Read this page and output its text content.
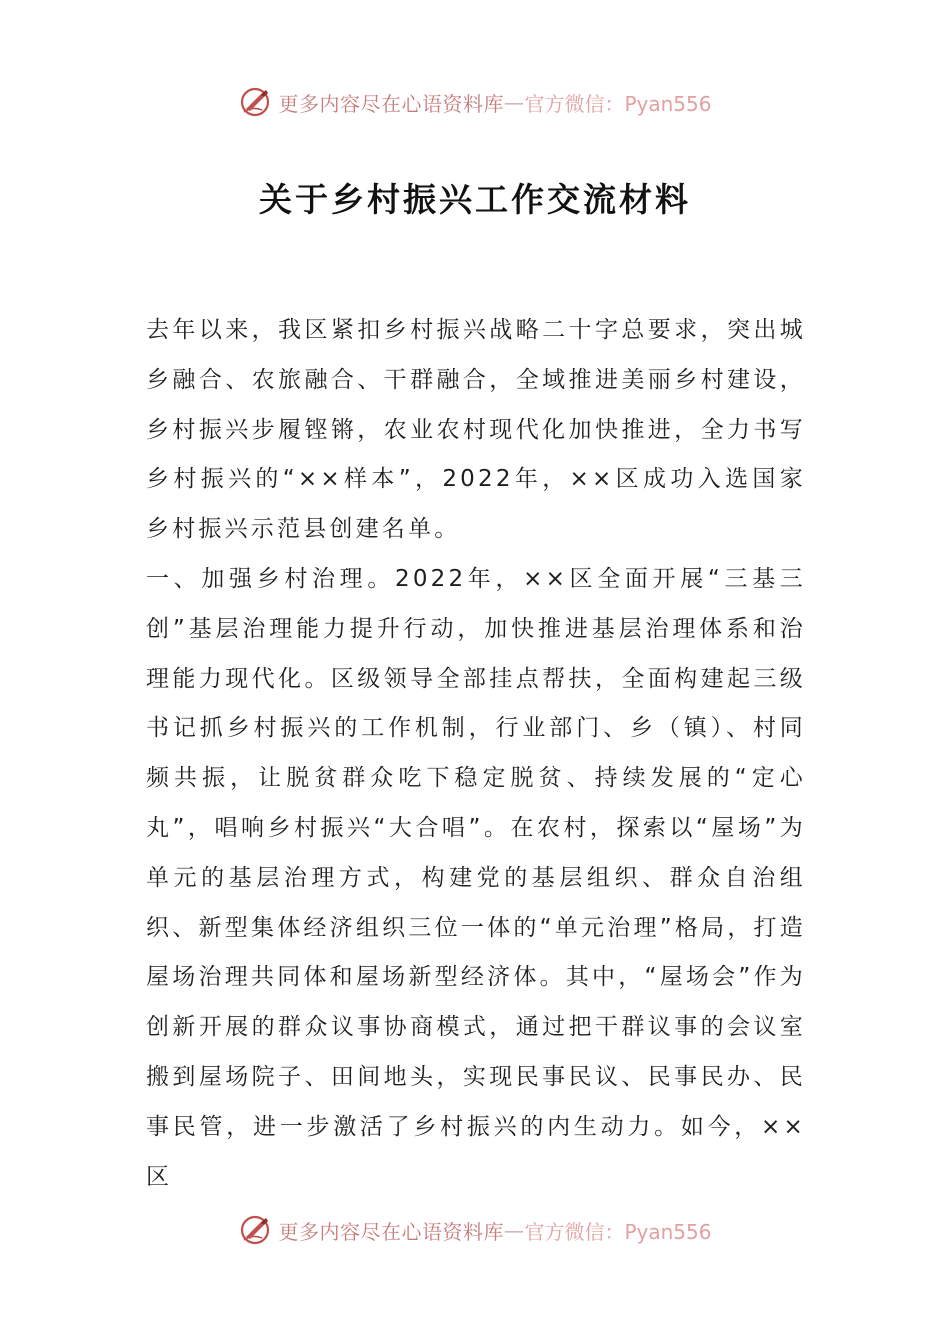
更多内容尽在心语资料库 — 官方微信：Pyan556
关于乡村振兴工作交流材料

去年以来，我区紧扣乡村振兴战略二十字总要求，突出城乡融合、农旅融合、干群融合，全域推进美丽乡村建设，乡村振兴步履铿锵，农业农村现代化加快推进，全力书写乡村振兴的“××样本”，2022年，××区成功入选国家乡村振兴示范县创建名单。

一、加强乡村治理。2022年，××区全面开展“三基三创”基层治理能力提升行动，加快推进基层治理体系和治理能力现代化。区级领导全部挂点帮扶，全面构建起三级书记抓乡村振兴的工作机制，行业部门、乡（镇）、村同频共振，让脱贫群众吃下稳定脱贫、持续发展的“定心丸”，唱响乡村振兴“大合唱”。在农村，探索以“屋场”为单元的基层治理方式，构建党的基层组织、群众自治组织、新型集体经济组织三位一体的“单元治理”格局，打造屋场治理共同体和屋场新型经济体。其中，“屋场会”作为创新开展的群众议事协商模式，通过把干群议事的会议室搬到屋场院子、田间地头，实现民事民议、民事民办、民事民管，进一步激活了乡村振兴的内生动力。如今，××区

更多内容尽在心语资料库 — 官方微信：Pyan556
